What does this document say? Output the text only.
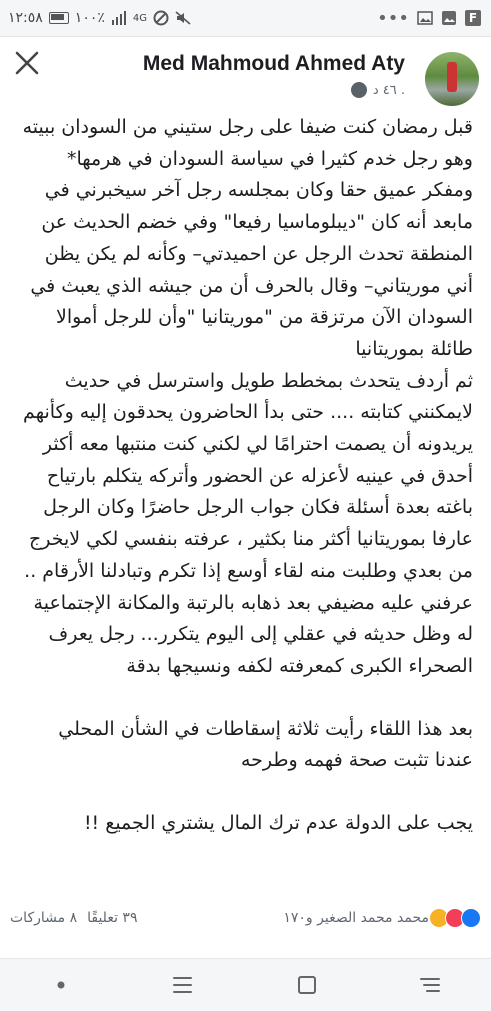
١٢:٥٨ ١٠٠٪	4G	•••	F
Med Mahmoud Ahmed Aty
٤٦ د .

قبل رمضان كنت ضيفا على رجل ستيني من السودان ببيته وهو رجل خدم كثيرا في سياسة السودان في هرمها* ومفكر عميق حقا وكان بمجلسه رجل آخر سيخبرني في مابعد أنه كان "ديبلوماسيا رفيعا" وفي خضم الحديث عن المنطقة تحدث الرجل عن احميدتي– وكأنه لم يكن يظن أني موريتاني– وقال بالحرف أن من جيشه الذي يعبث في السودان الآن مرتزقة من "موريتانيا "وأن للرجل أموالا طائلة بموريتانيا

ثم أردف يتحدث بمخطط طويل واسترسل في حديث لايمكنني كتابته .... حتى بدأ الحاضرون يحدقون إليه وكأنهم يريدونه أن يصمت احترامًا لي لكني كنت منتبها معه أكثر أحدق في عينيه لأعزله عن الحضور وأتركه يتكلم بارتياح

باغته بعدة أسئلة فكان جواب الرجل حاضرًا وكان الرجل عارفا بموريتانيا أكثر منا بكثير ، عرفته بنفسي لكي لايخرج من بعدي وطلبت منه لقاء أوسع إذا تكرم وتبادلنا الأرقام ..

عرفني عليه مضيفي بعد ذهابه بالرتبة والمكانة الإجتماعية له وظل حديثه في عقلي إلى اليوم يتكرر... رجل يعرف الصحراء الكبرى كمعرفته لكفه ونسيجها بدقة

بعد هذا اللقاء رأيت ثلاثة إسقاطات في الشأن المحلي عندنا تثبت صحة فهمه وطرحه

يجب على الدولة عدم ترك المال يشتري الجميع !!

٣٩ تعليقًا
٨ مشاركات	محمد محمد الصغير و١٧٠
